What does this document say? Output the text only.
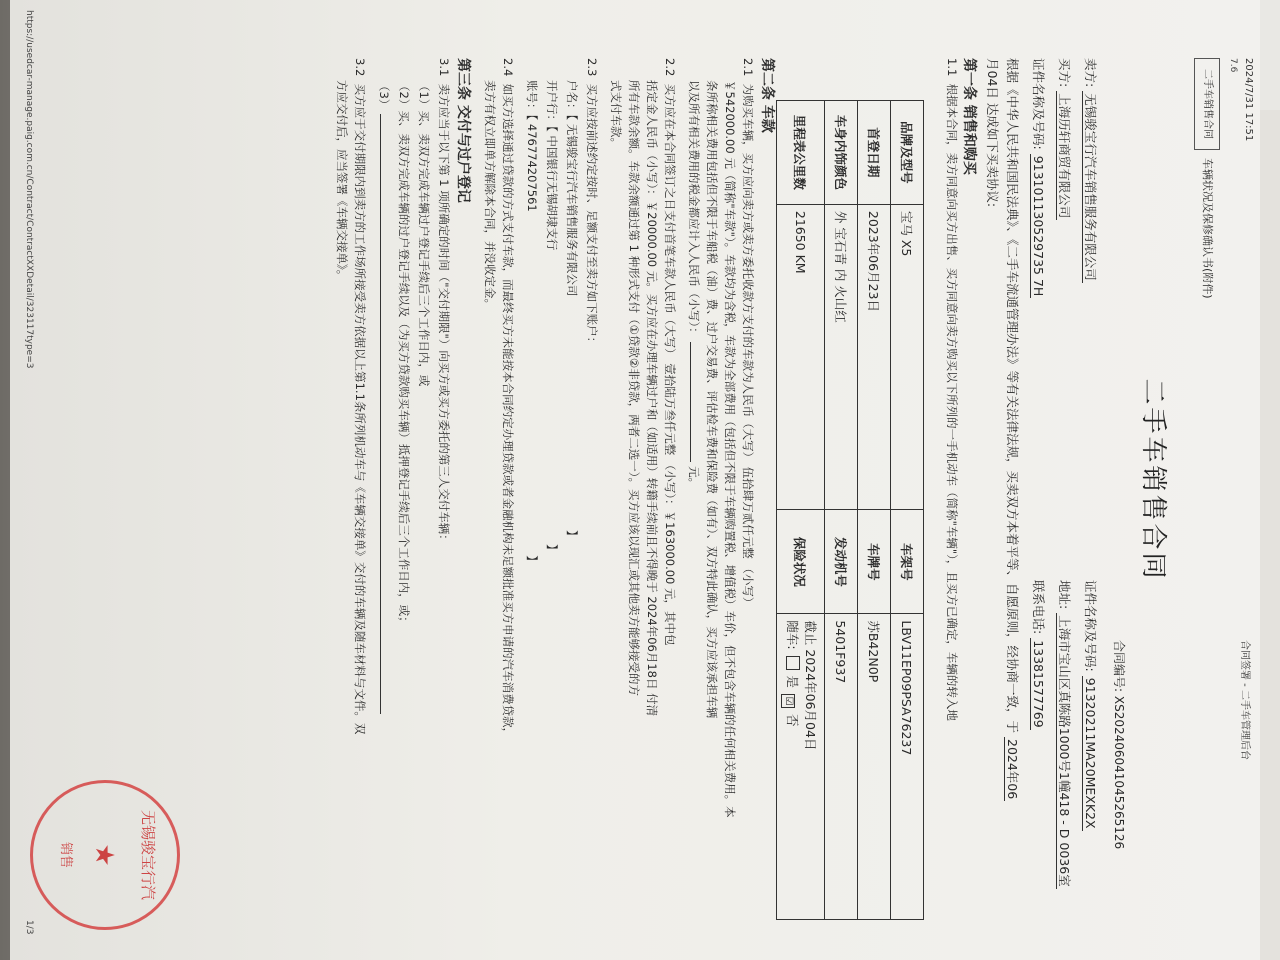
2024/7/31 17:51
合同签署 - 二手车管理后台
7.6
二手车销售合同
车辆状况及保修确认书(附件)
二手车销售合同
合同编号: XS202406041045265126
卖方: 无锡骏宝行汽车销售服务有限公司
证件名称及号码: 91320211MA20MEXK2X
买方: 上海历轩商贸有限公司
地址: 上海市宝山区真陈路1000号1幢418 - D 0036室
证件名称及号码: 913101130529735 7H
联系电话: 13381577769
根据《中华人民共和国民法典》、《二手车流通管理办法》等有关法律法规，买卖双方本着平等、自愿原则，经协商一致，于 2024年06
月04日 达成如下买卖协议:
第一条 销售和购买
1.1  根据本合同，卖方同意向买方出售、买方同意向卖方购买以下所列的一手机动车（简称"车辆"），且买方已确定，车辆的转入地
品牌及型号	宝马 X5	车架号	LBV11EP09PSA76237
首登日期	2023年06月23日	车牌号	苏B42N0P
车身内饰颜色	外 宝石青 内 火山红	发动机号	5401F937
里程表公里数	21650 KM	保险状况	截止 2024年06月04日
随车:  是 ☑ 否
第二条 车款
2.1  为购买车辆，买方应向卖方或卖方委托收款方支付的车款为人民币（大写） 伍拾肆万贰仟元整 （小写）
￥542000.00 元（简称"车款"）。车款均为含税，车款为全部费用（包括但不限于车辆购置税、增值税）车价，但不包含车辆的任何相关费用。本
条所称相关费用包括但不限于车船税（油）费、过户交易费、评估检车费和保险费（如有）、双方特此确认，买方应该承担车辆
以及所有相关费用的税金都应计入人民币（小写）：  元。
2.2  买方应在本合同签订之日支付首笔车款人民币（大写） 壹拾陆万叁仟元整 （小写）：￥163000.00 元，其中包
括定金人民币（小写）：￥20000.00 元。买方应在办理车辆过户和（如适用）转籍手续前且不得晚于 2024年06月18日 付清
所有车款余额。车款余额通过第 1 种形式支付（①贷款②非贷款，两者二选一）。买方应该以现汇或其他卖方能够接受的方
式支付车款。
2.3  买方应按前述约定按时、足额支付至卖方如下账户：
户名：【 无锡骏宝行汽车销售服务有限公司 】
开户行：【 中国银行无锡胡埭支行 】
账号：【 476774207561 】
2.4  如买方选择通过贷款的方式支付车款，而最终买方未能按本合同约定办理贷款或者金融机构未足额批准买方申请的汽车消费贷款，
卖方有权立即单方解除本合同，并没收定金。
第三条 交付与过户登记
3.1  卖方应当于以下第 1 项所确定的时间（"交付期限"）向买方或买方委托的第三人交付车辆：
（1）买、卖双方完成车辆过户登记手续后三个工作日内，或
（2）买、卖双方完成车辆的过户登记手续以及（为买方贷款购买车辆）抵押登记手续后三个工作日内，或；
（3）
3.2  买方应于交付期限内到卖方的工作场所接受卖方依据以上第1.1条所列机动车与《车辆交接单》交付的车辆及随车材料与文件。双
方应交付后，应当签署《车辆交接单》。
无锡骏宝行汽
★
销售
https://usedcar-manage.paig.com.cn/Contract/ContractXXDetail/323117type=3
1/3
